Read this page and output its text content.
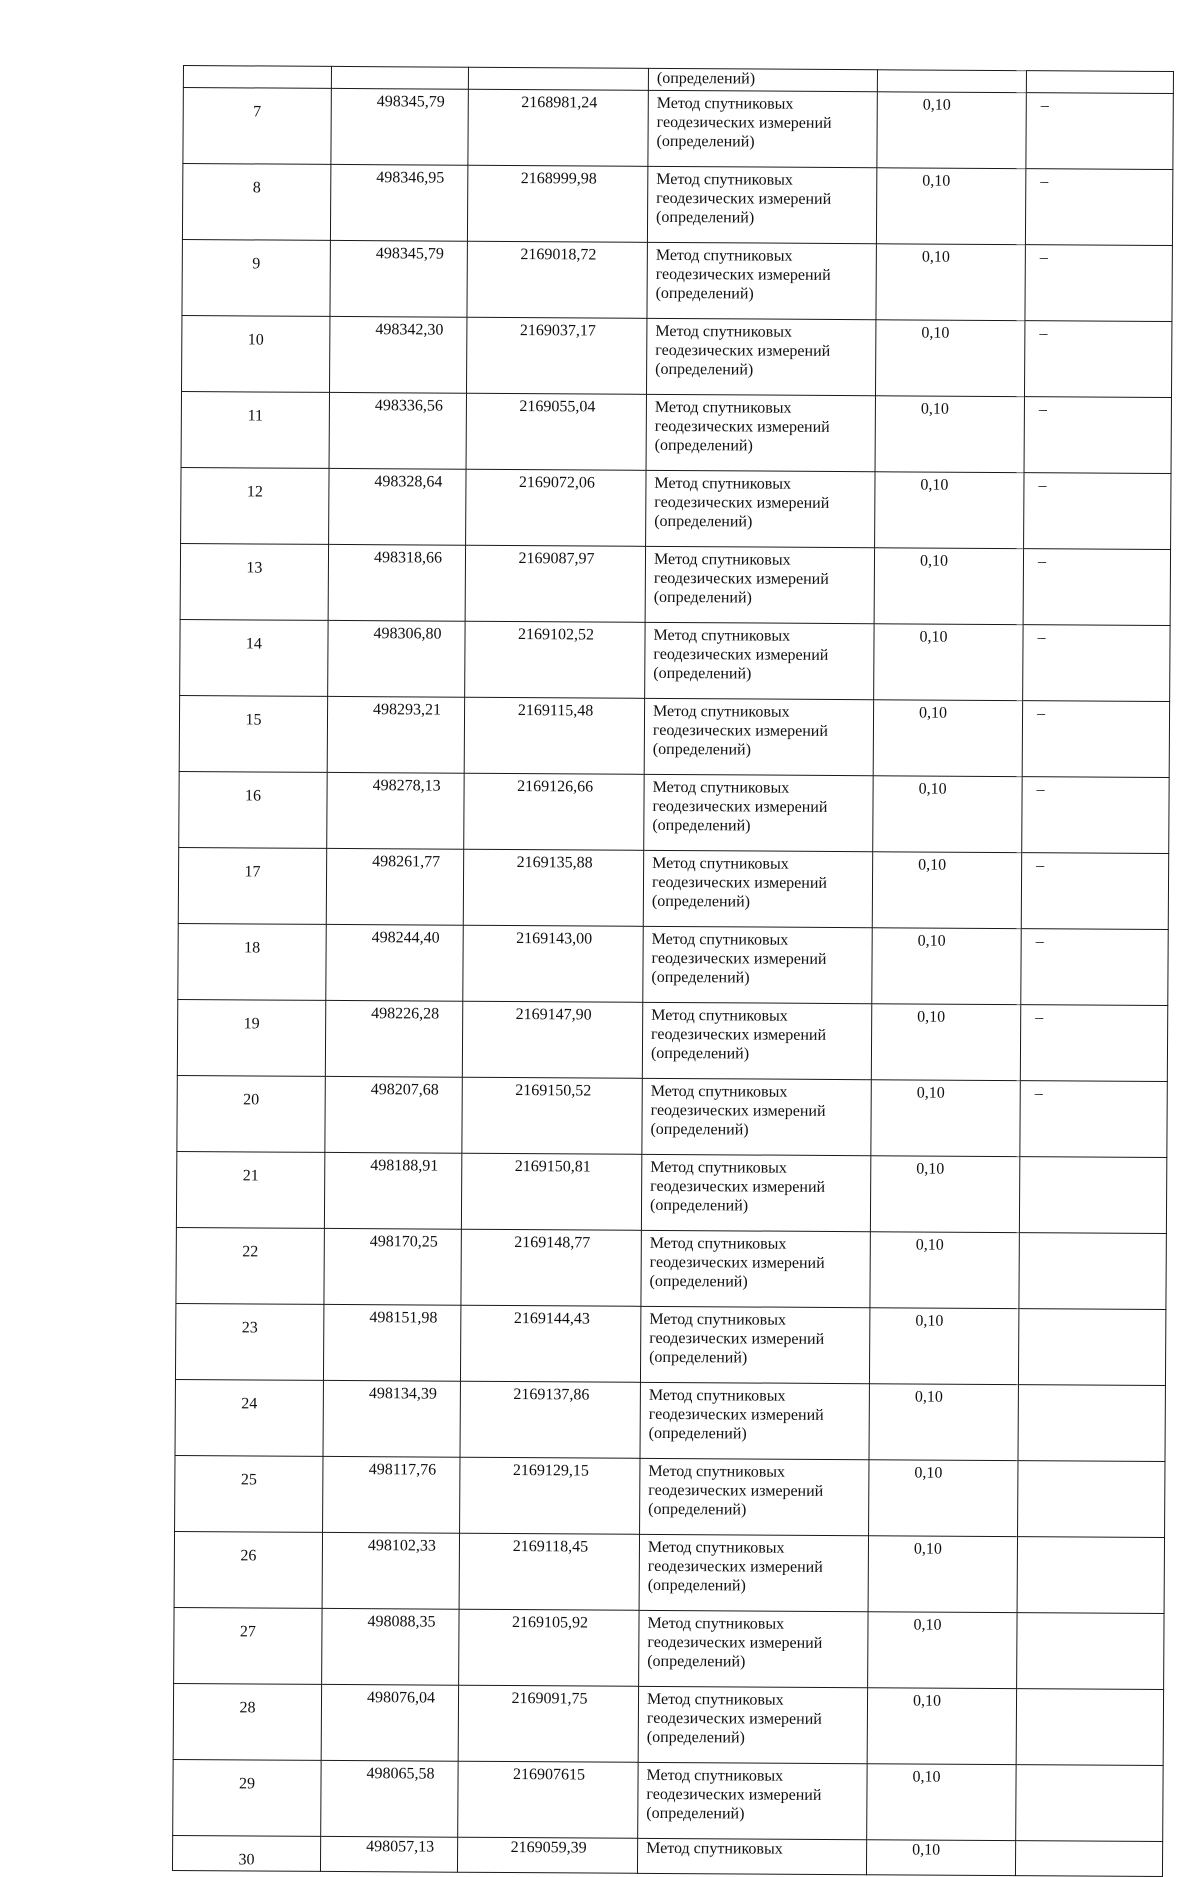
			(определений)		
7	498345,79	2168981,24	Метод спутниковых
геодезических измерений
(определений)	0,10	–
8	498346,95	2168999,98	Метод спутниковых
геодезических измерений
(определений)	0,10	–
9	498345,79	2169018,72	Метод спутниковых
геодезических измерений
(определений)	0,10	–
10	498342,30	2169037,17	Метод спутниковых
геодезических измерений
(определений)	0,10	–
11	498336,56	2169055,04	Метод спутниковых
геодезических измерений
(определений)	0,10	–
12	498328,64	2169072,06	Метод спутниковых
геодезических измерений
(определений)	0,10	–
13	498318,66	2169087,97	Метод спутниковых
геодезических измерений
(определений)	0,10	–
14	498306,80	2169102,52	Метод спутниковых
геодезических измерений
(определений)	0,10	–
15	498293,21	2169115,48	Метод спутниковых
геодезических измерений
(определений)	0,10	–
16	498278,13	2169126,66	Метод спутниковых
геодезических измерений
(определений)	0,10	–
17	498261,77	2169135,88	Метод спутниковых
геодезических измерений
(определений)	0,10	–
18	498244,40	2169143,00	Метод спутниковых
геодезических измерений
(определений)	0,10	–
19	498226,28	2169147,90	Метод спутниковых
геодезических измерений
(определений)	0,10	–
20	498207,68	2169150,52	Метод спутниковых
геодезических измерений
(определений)	0,10	–
21	498188,91	2169150,81	Метод спутниковых
геодезических измерений
(определений)	0,10	
22	498170,25	2169148,77	Метод спутниковых
геодезических измерений
(определений)	0,10	
23	498151,98	2169144,43	Метод спутниковых
геодезических измерений
(определений)	0,10	
24	498134,39	2169137,86	Метод спутниковых
геодезических измерений
(определений)	0,10	
25	498117,76	2169129,15	Метод спутниковых
геодезических измерений
(определений)	0,10	
26	498102,33	2169118,45	Метод спутниковых
геодезических измерений
(определений)	0,10	
27	498088,35	2169105,92	Метод спутниковых
геодезических измерений
(определений)	0,10	
28	498076,04	2169091,75	Метод спутниковых
геодезических измерений
(определений)	0,10	
29	498065,58	216907615	Метод спутниковых
геодезических измерений
(определений)	0,10	
30	498057,13	2169059,39	Метод спутниковых	0,10	
